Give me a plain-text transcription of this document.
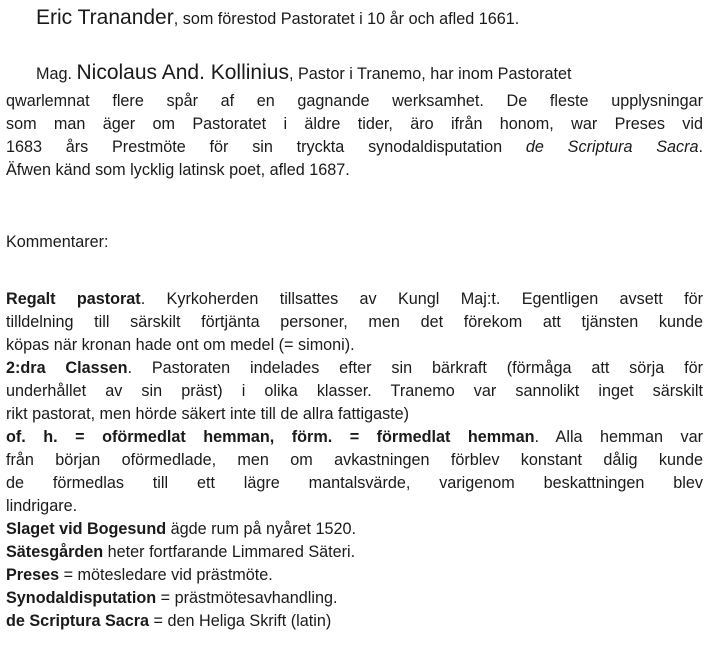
Eric Tranander, som förestod Pastoratet i 10 år och afled 1661.
Mag. Nicolaus And. Kollinius, Pastor i Tranemo, har inom Pastoratet
qwarlemnat flere spår af en gagnande werksamhet. De fleste upplysningar
som man äger om Pastoratet i äldre tider, äro ifrån honom, war Preses vid
1683 års Prestmöte för sin tryckta synodaldisputation de Scriptura Sacra.
Äfwen känd som lycklig latinsk poet, afled 1687.
Kommentarer:
Regalt pastorat. Kyrkoherden tillsattes av Kungl Maj:t. Egentligen avsett för
tilldelning till särskilt förtjänta personer, men det förekom att tjänsten kunde
köpas när kronan hade ont om medel (= simoni).
2:dra Classen. Pastoraten indelades efter sin bärkraft (förmåga att sörja för
underhållet av sin präst) i olika klasser. Tranemo var sannolikt inget särskilt
rikt pastorat, men hörde säkert inte till de allra fattigaste)
of. h. = oförmedlat hemman, förm. = förmedlat hemman. Alla hemman var
från början oförmedlade, men om avkastningen förblev konstant dålig kunde
de förmedlas till ett lägre mantalsvärde, varigenom beskattningen blev
lindrigare.
Slaget vid Bogesund ägde rum på nyåret 1520.
Sätesgården heter fortfarande Limmared Säteri.
Preses = mötesledare vid prästmöte.
Synodaldisputation = prästmötesavhandling.
de Scriptura Sacra = den Heliga Skrift (latin)
